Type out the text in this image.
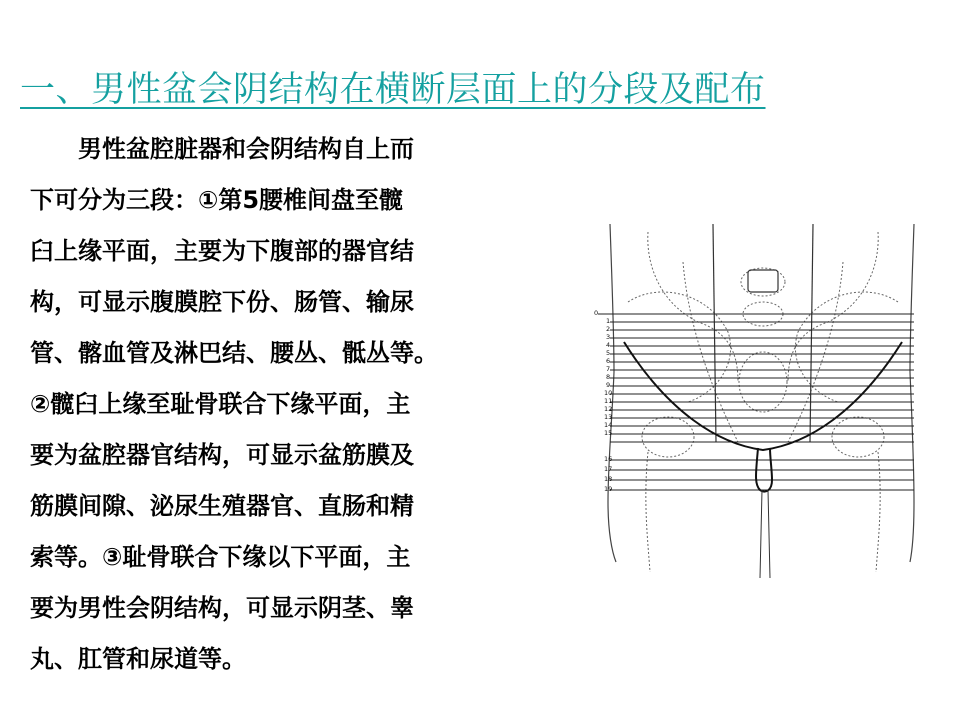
一、男性盆会阴结构在横断层面上的分段及配布
　　男性盆腔脏器和会阴结构自上而
下可分为三段：①第5腰椎间盘至髋
臼上缘平面，主要为下腹部的器官结
构，可显示腹膜腔下份、肠管、输尿
管、髂血管及淋巴结、腰丛、骶丛等。
②髋臼上缘至耻骨联合下缘平面，主
要为盆腔器官结构，可显示盆筋膜及
筋膜间隙、泌尿生殖器官、直肠和精
索等。③耻骨联合下缘以下平面，主
要为男性会阴结构，可显示阴茎、睾
丸、肛管和尿道等。
0
1
2
3
4
5
6
7
8
9
10
11
12
13
14
15
16
17
18
19
